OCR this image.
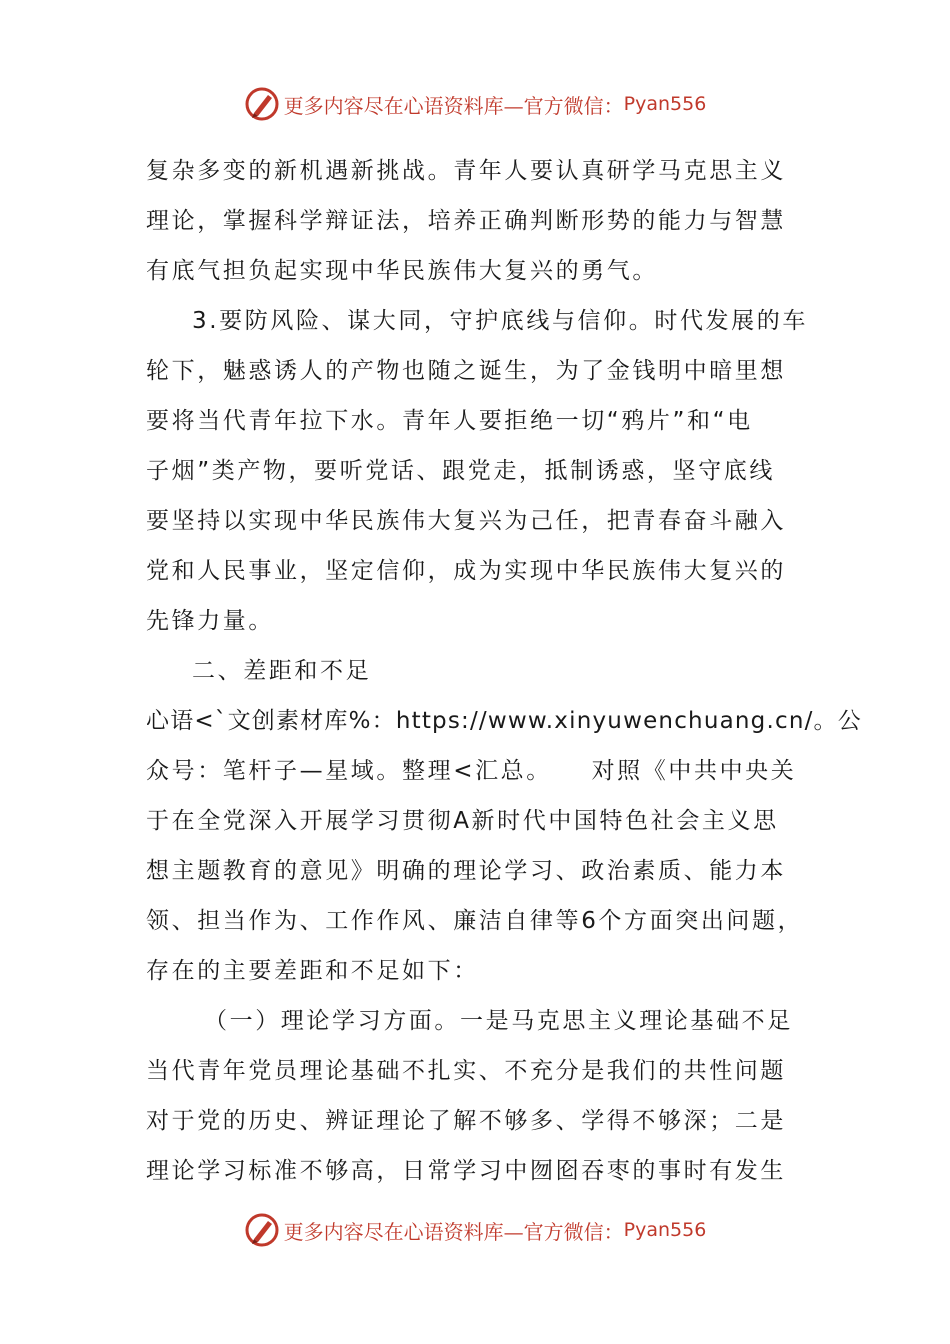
更多内容尽在心语资料库— 官方微信： Pyan556
复杂多变的新机遇新挑战。青年人要认真研学马克思主义
理论，掌握科学辩证法，培养正确判断形势的能力与智慧
有底气担负起实现中华民族伟大复兴的勇气。
3.要防风险、谋大同，守护底线与信仰。时代发展的车
轮下，魅惑诱人的产物也随之诞生，为了金钱明中暗里想
要将当代青年拉下水。青年人要拒绝一切“鸦片”和“电
子烟”类产物，要听党话、跟党走，抵制诱惑，坚守底线
要坚持以实现中华民族伟大复兴为己任，把青春奋斗融入
党和人民事业，坚定信仰，成为实现中华民族伟大复兴的
先锋力量。
二、差距和不足
心语<`文创素材库%：https://www.xinyuwenchuang.cn/。公
众号：笔杆子—星域。整理<汇总。　　对照《中共中央关
于在全党深入开展学习贯彻A新时代中国特色社会主义思
想主题教育的意见》明确的理论学习、政治素质、能力本
领、担当作为、工作作风、廉洁自律等6个方面突出问题，
存在的主要差距和不足如下：
（一）理论学习方面。一是马克思主义理论基础不足
当代青年党员理论基础不扎实、不充分是我们的共性问题
对于党的历史、辨证理论了解不够多、学得不够深；二是
理论学习标准不够高，日常学习中囫囵吞枣的事时有发生
更多内容尽在心语资料库— 官方微信： Pyan556
